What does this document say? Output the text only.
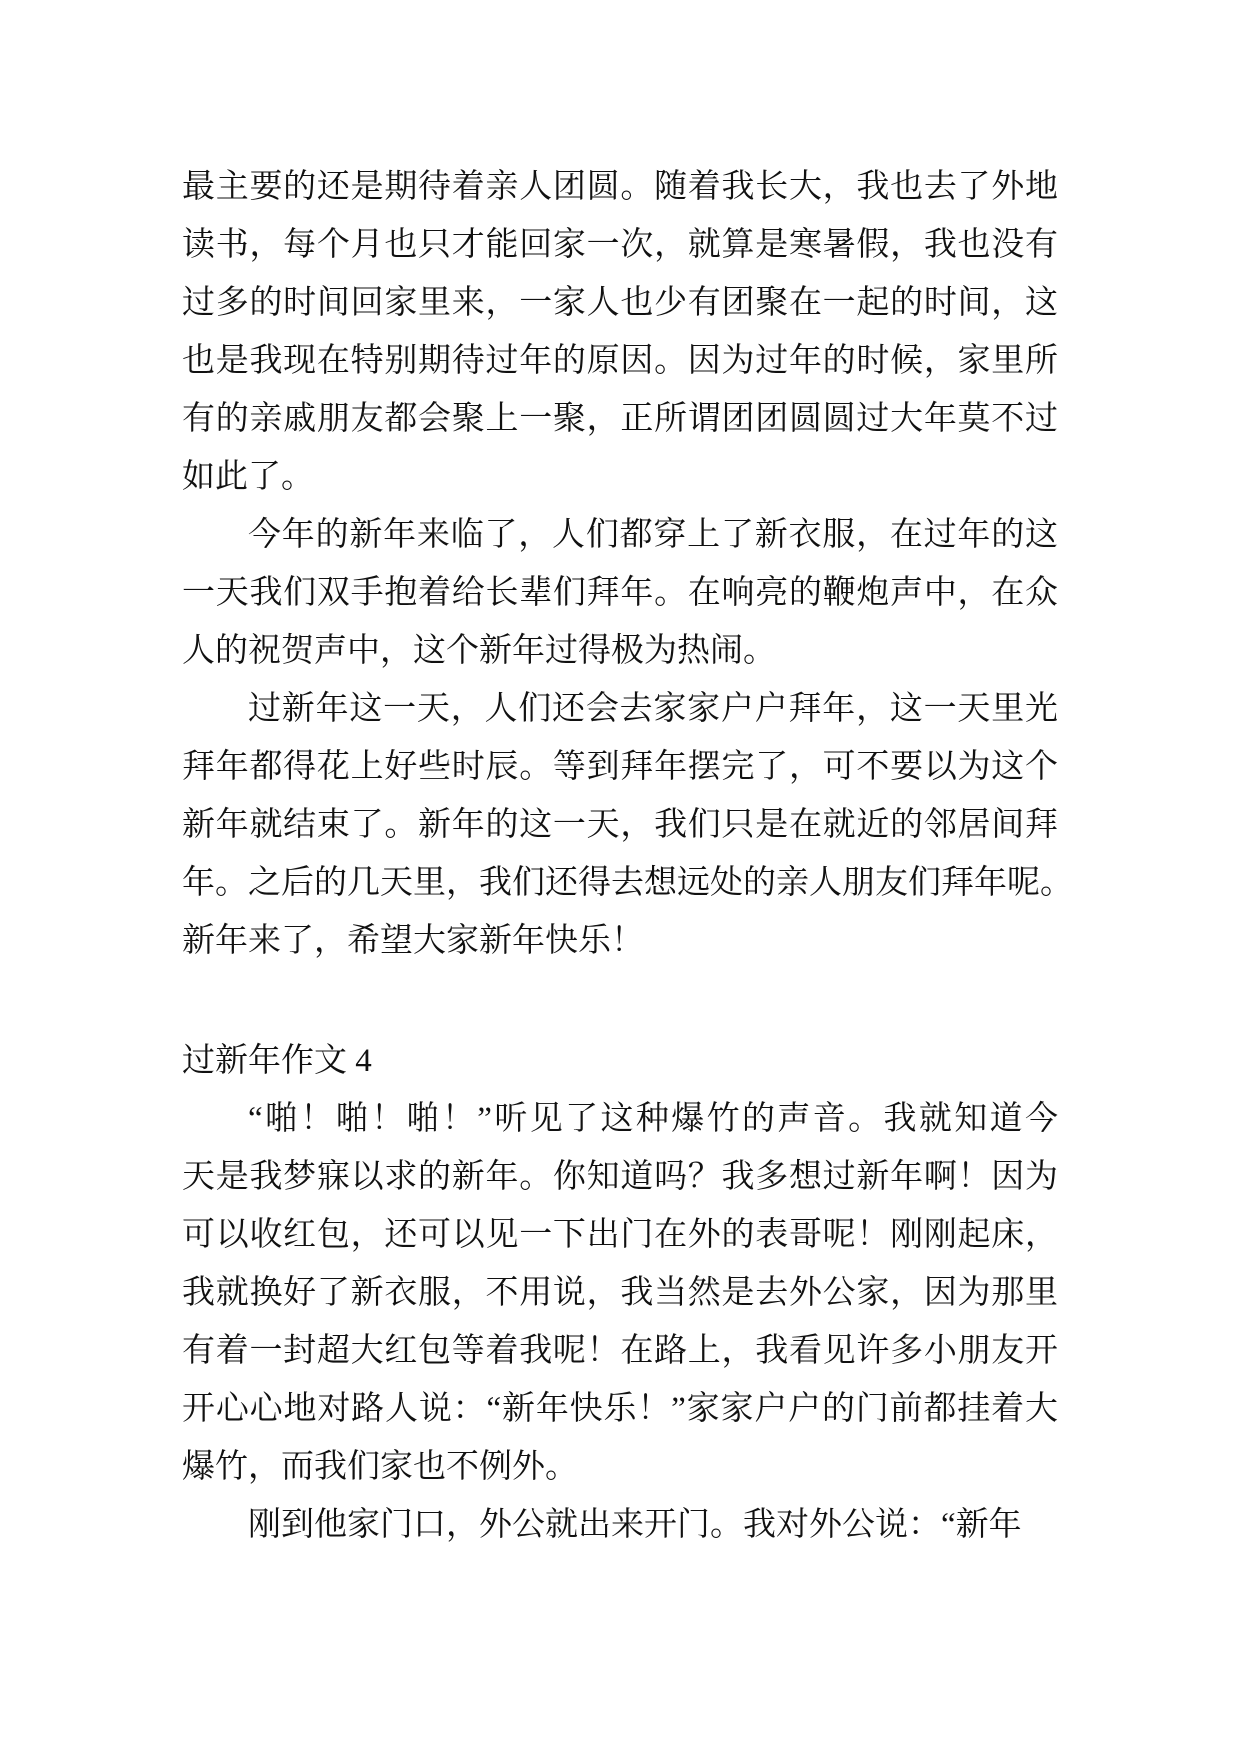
最主要的还是期待着亲人团圆。随着我长大，我也去了外地
读书，每个月也只才能回家一次，就算是寒暑假，我也没有
过多的时间回家里来，一家人也少有团聚在一起的时间，这
也是我现在特别期待过年的原因。因为过年的时候，家里所
有的亲戚朋友都会聚上一聚，正所谓团团圆圆过大年莫不过
如此了。
今年的新年来临了，人们都穿上了新衣服，在过年的这
一天我们双手抱着给长辈们拜年。在响亮的鞭炮声中，在众
人的祝贺声中，这个新年过得极为热闹。
过新年这一天，人们还会去家家户户拜年，这一天里光
拜年都得花上好些时辰。等到拜年摆完了，可不要以为这个
新年就结束了。新年的这一天，我们只是在就近的邻居间拜
年。之后的几天里，我们还得去想远处的亲人朋友们拜年呢。
新年来了，希望大家新年快乐！
过新年作文 4
“啪！啪！啪！”听见了这种爆竹的声音。我就知道今
天是我梦寐以求的新年。你知道吗？我多想过新年啊！因为
可以收红包，还可以见一下出门在外的表哥呢！刚刚起床，
我就换好了新衣服，不用说，我当然是去外公家，因为那里
有着一封超大红包等着我呢！在路上，我看见许多小朋友开
开心心地对路人说：“新年快乐！”家家户户的门前都挂着大
爆竹，而我们家也不例外。
刚到他家门口，外公就出来开门。我对外公说：“新年
